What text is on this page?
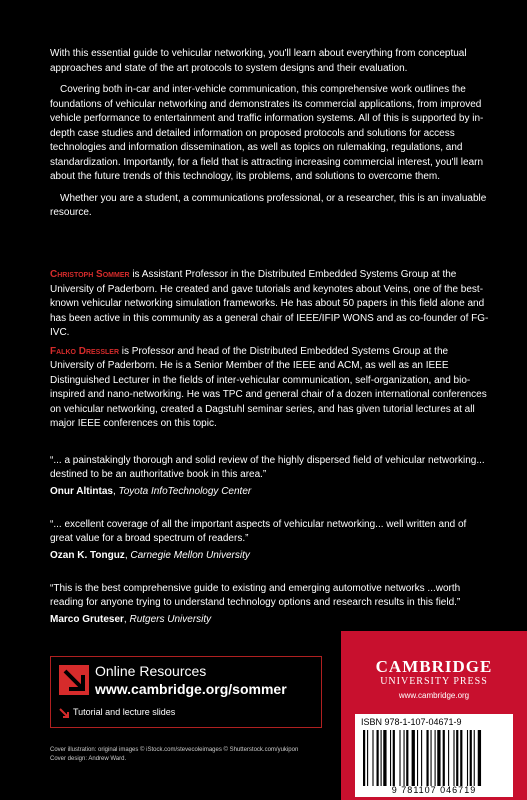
With this essential guide to vehicular networking, you'll learn about everything from conceptual approaches and state of the art protocols to system designs and their evaluation.

Covering both in-car and inter-vehicle communication, this comprehensive work outlines the foundations of vehicular networking and demonstrates its commercial applications, from improved vehicle performance to entertainment and traffic information systems. All of this is supported by in-depth case studies and detailed information on proposed protocols and solutions for access technologies and information dissemination, as well as topics on rulemaking, regulations, and standardization. Importantly, for a field that is attracting increasing commercial interest, you'll learn about the future trends of this technology, its problems, and solutions to overcome them.

Whether you are a student, a communications professional, or a researcher, this is an invaluable resource.

Christoph Sommer is Assistant Professor in the Distributed Embedded Systems Group at the University of Paderborn. He created and gave tutorials and keynotes about Veins, one of the best-known vehicular networking simulation frameworks. He has about 50 papers in this field alone and has been active in this community as a general chair of IEEE/IFIP WONS and as co-founder of FG-IVC.

Falko Dressler is Professor and head of the Distributed Embedded Systems Group at the University of Paderborn. He is a Senior Member of the IEEE and ACM, as well as an IEEE Distinguished Lecturer in the fields of inter-vehicular communication, self-organization, and bio-inspired and nano-networking. He was TPC and general chair of a dozen international conferences on vehicular networking, created a Dagstuhl seminar series, and has given tutorial lectures at all major IEEE conferences on this topic.

“... a painstakingly thorough and solid review of the highly dispersed field of vehicular networking... destined to be an authoritative book in this area.”

Onur Altintas, Toyota InfoTechnology Center

“... excellent coverage of all the important aspects of vehicular networking... well written and of great value for a broad spectrum of readers.”

Ozan K. Tonguz, Carnegie Mellon University

“This is the best comprehensive guide to existing and emerging automotive networks ...worth reading for anyone trying to understand technology options and research results in this field.”

Marco Gruteser, Rutgers University

Online Resources
www.cambridge.org/sommer
Tutorial and lecture slides
Cover illustration: original images © iStock.com/stevecoleimages © Shutterstock.com/yukipon
Cover design: Andrew Ward.
CAMBRIDGE
UNIVERSITY PRESS
www.cambridge.org
ISBN 978-1-107-04671-9
9 781107 046719
